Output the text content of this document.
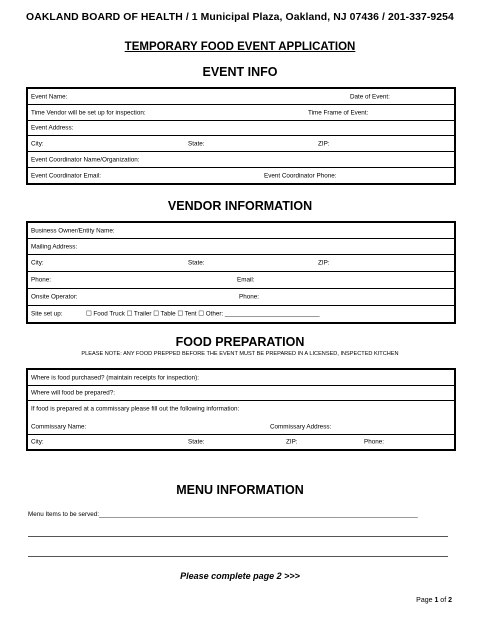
OAKLAND BOARD OF HEALTH / 1 Municipal Plaza, Oakland, NJ 07436 / 201-337-9254
TEMPORARY FOOD EVENT APPLICATION
EVENT INFO
Event Name:	Date of Event:
Time Vendor will be set up for inspection:	Time Frame of Event:
Event Address:
City:	State:	ZIP:
Event Coordinator Name/Organization:
Event Coordinator Email:	Event Coordinator Phone:
VENDOR INFORMATION
Business Owner/Entity Name:
Mailing Address:
City:	State:	ZIP:
Phone:	Email:
Onsite Operator:	Phone:
Site set up:	☐ Food Truck ☐ Trailer ☐ Table ☐ Tent ☐ Other: ___________________________
FOOD PREPARATION
PLEASE NOTE: ANY FOOD PREPPED BEFORE THE EVENT MUST BE PREPARED IN A LICENSED, INSPECTED KITCHEN
Where is food purchased? (maintain receipts for inspection):
Where will food be prepared?:
If food is prepared at a commissary please fill out the following information:
Commissary Name:	Commissary Address:
City:	State:	ZIP:	Phone:
MENU INFORMATION
Menu Items to be served:___________________________________________________________________________________________
Please complete page 2 >>>
Page 1 of 2
